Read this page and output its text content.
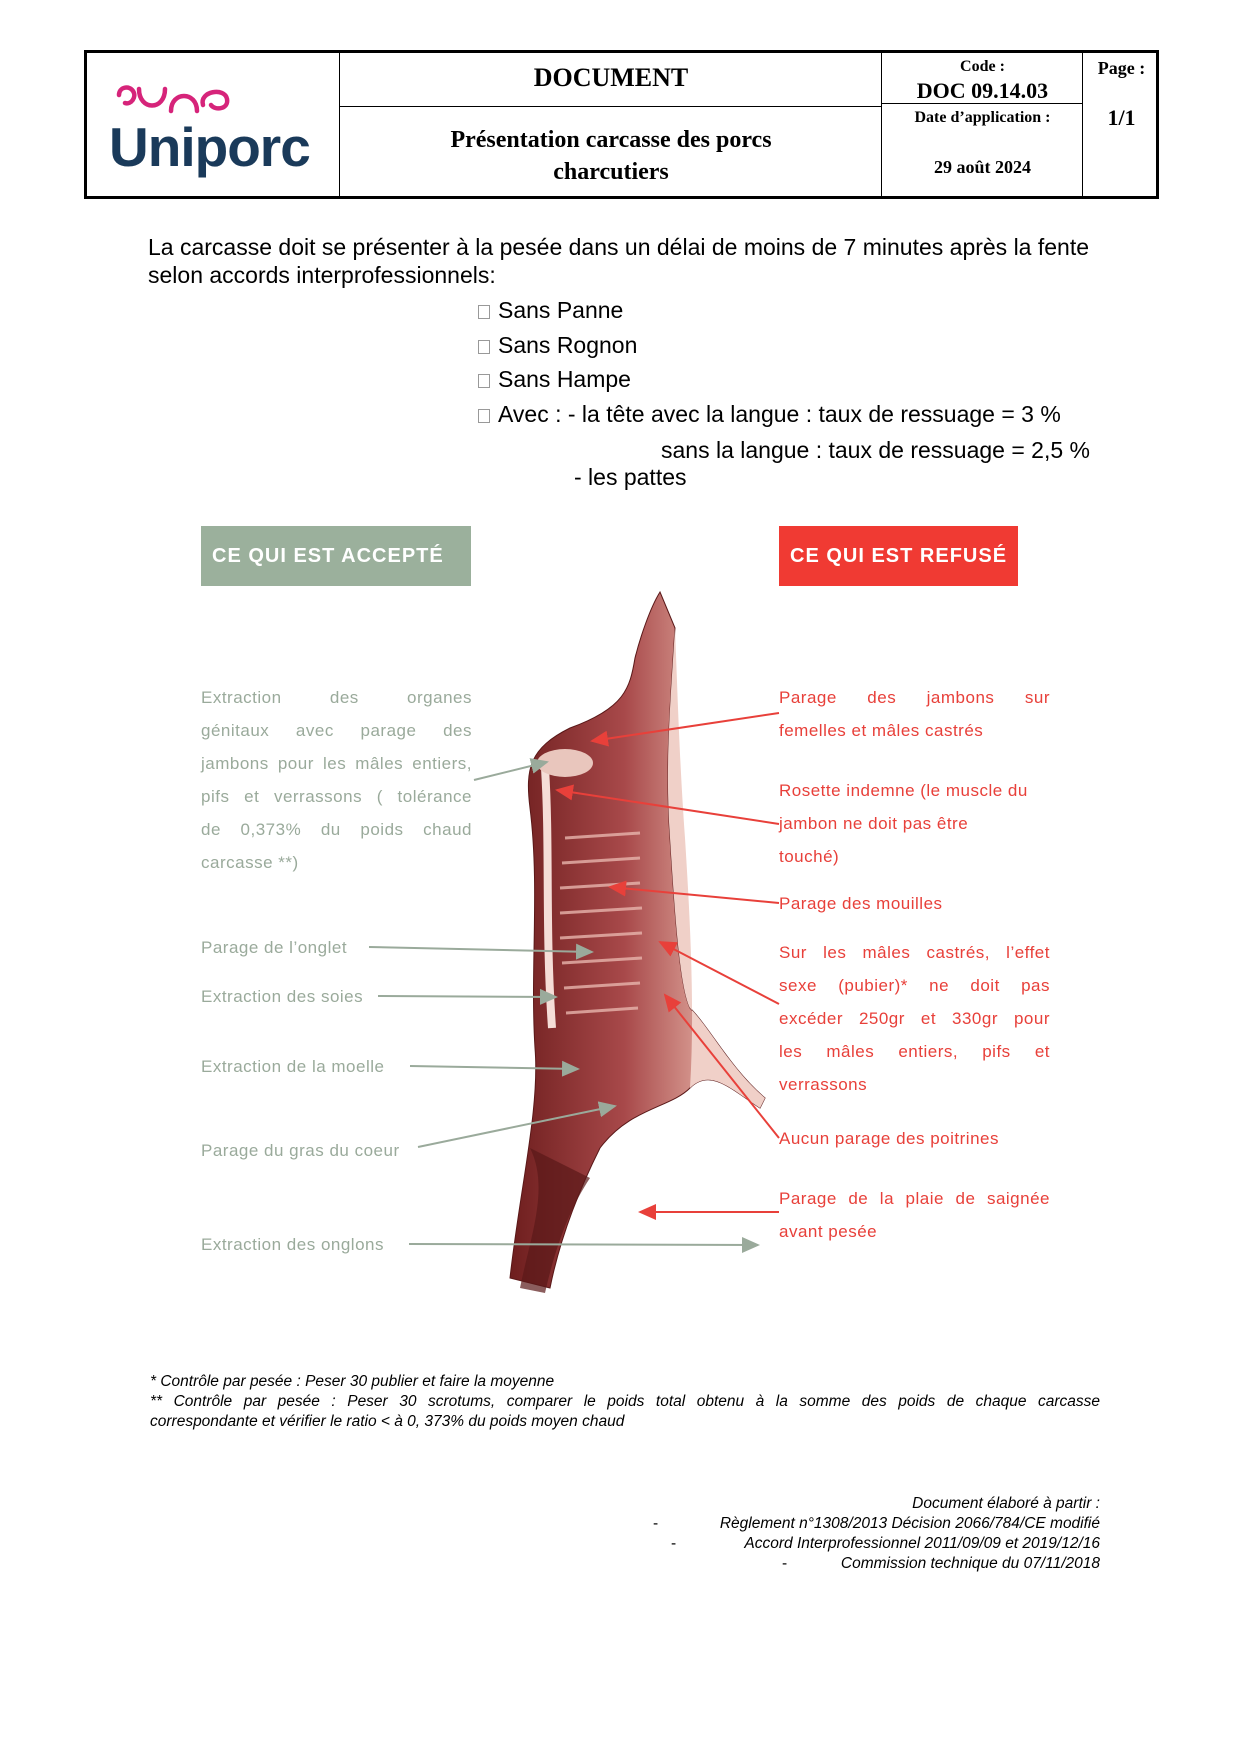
Uniporc
DOCUMENT
Présentation carcasse des porcs
charcutiers
Code :
DOC 09.14.03
Date d’application :
29 août 2024
Page :
1/1
La carcasse doit se présenter à la pesée dans un délai de moins de 7 minutes après la fente
selon accords interprofessionnels:
Sans Panne
Sans Rognon
Sans Hampe
Avec : - la tête avec la langue : taux de ressuage = 3 %
sans la langue : taux de ressuage = 2,5 %
- les pattes
CE QUI EST ACCEPTÉ	CE QUI EST REFUSÉ
Extraction des organes
génitaux avec parage des
jambons pour les mâles entiers,
pifs et verrassons ( tolérance
de 0,373% du poids chaud
carcasse **)
Parage de l’onglet
Extraction des soies
Extraction de la moelle
Parage du gras du coeur
Extraction des onglons
Parage des jambons sur
femelles et mâles castrés
Rosette indemne (le muscle du
jambon ne doit pas être
touché)
Parage des mouilles
Sur les mâles castrés, l’effet
sexe (pubier)* ne doit pas
excéder 250gr et 330gr pour
les mâles entiers, pifs et
verrassons
Aucun parage des poitrines
Parage de la plaie de saignée
avant pesée
* Contrôle par pesée : Peser 30 publier et faire la moyenne
** Contrôle par pesée : Peser 30 scrotums, comparer le poids total obtenu à la somme des poids de chaque carcasse
correspondante et vérifier le ratio < à 0, 373% du poids moyen chaud
Document élaboré à partir :
-	Règlement n°1308/2013 Décision 2066/784/CE modifié
-	Accord Interprofessionnel 2011/09/09 et 2019/12/16
-	Commission technique du 07/11/2018
